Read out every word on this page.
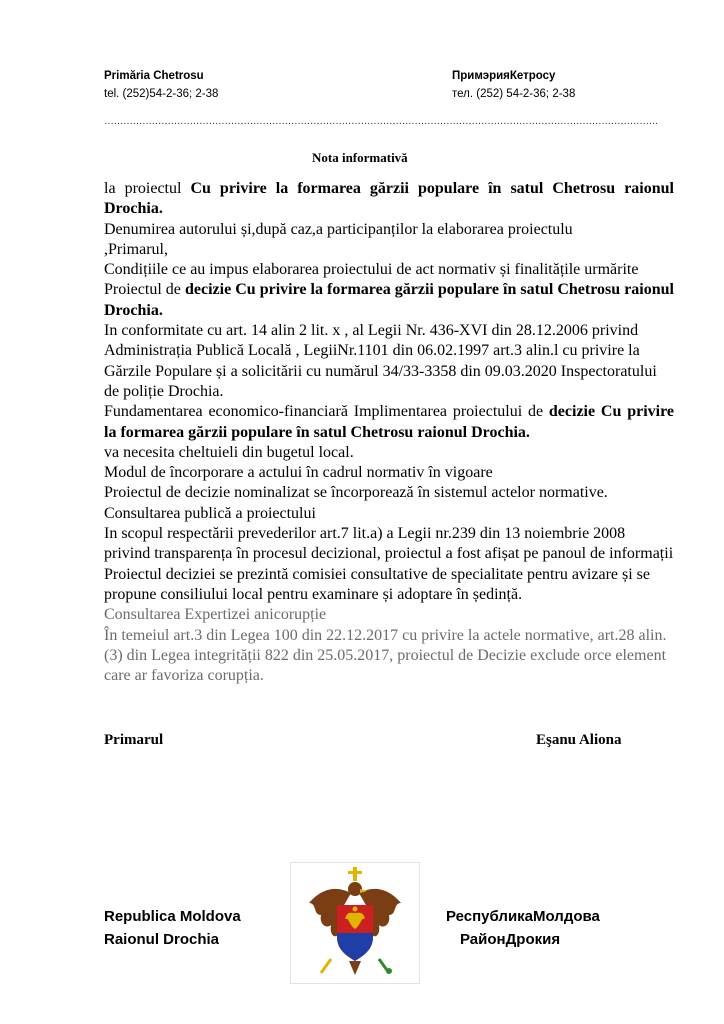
Primăria Chetrosu
tel. (252)54-2-36; 2-38
ПримэрияКетросу
тел. (252) 54-2-36; 2-38
………………………………………………………………………………………………………………………………………………………….
Nota informativă

la proiectul Cu privire la formarea gărzii populare în satul Chetrosu raionul Drochia.

Denumirea autorului și,după caz,a participanților la elaborarea proiectulu

,Primarul,

Condițiile ce au impus elaborarea proiectului de act normativ și finalitățile urmărite

Proiectul de decizie Cu privire la formarea gărzii populare în satul Chetrosu raionul Drochia.

In conformitate cu art. 14 alin 2 lit. x , al Legii Nr. 436-XVI din 28.12.2006 privind Administrația Publică Locală , LegiiNr.1101 din 06.02.1997 art.3 alin.l cu privire la Gărzile Populare și a solicitării cu numărul 34/33-3358 din 09.03.2020 Inspectoratului de poliție Drochia.

Fundamentarea economico-financiară Implimentarea proiectului de decizie Cu privire la formarea gărzii populare în satul Chetrosu raionul Drochia.

va necesita cheltuieli din bugetul local.

Modul de încorporare a actului în cadrul normativ în vigoare

Proiectul de decizie nominalizat se încorporează în sistemul actelor normative.

Consultarea publică a proiectului

In scopul respectării prevederilor art.7 lit.a) a Legii nr.239 din 13 noiembrie 2008 privind transparența în procesul decizional, proiectul a fost afișat pe panoul de informații

Proiectul deciziei se prezintă comisiei consultative de specialitate pentru avizare și se propune consiliului local pentru examinare și adoptare în ședință.

Consultarea Expertizei anicorupție

În temeiul art.3 din Legea 100 din 22.12.2017 cu privire la actele normative, art.28 alin.(3) din Legea integrității 822 din 25.05.2017, proiectul de Decizie exclude orce element care ar favoriza corupția.

Primarul	Eşanu Aliona
Republica Moldova
Raionul Drochia
РеспубликаМолдова
РайонДрокия
